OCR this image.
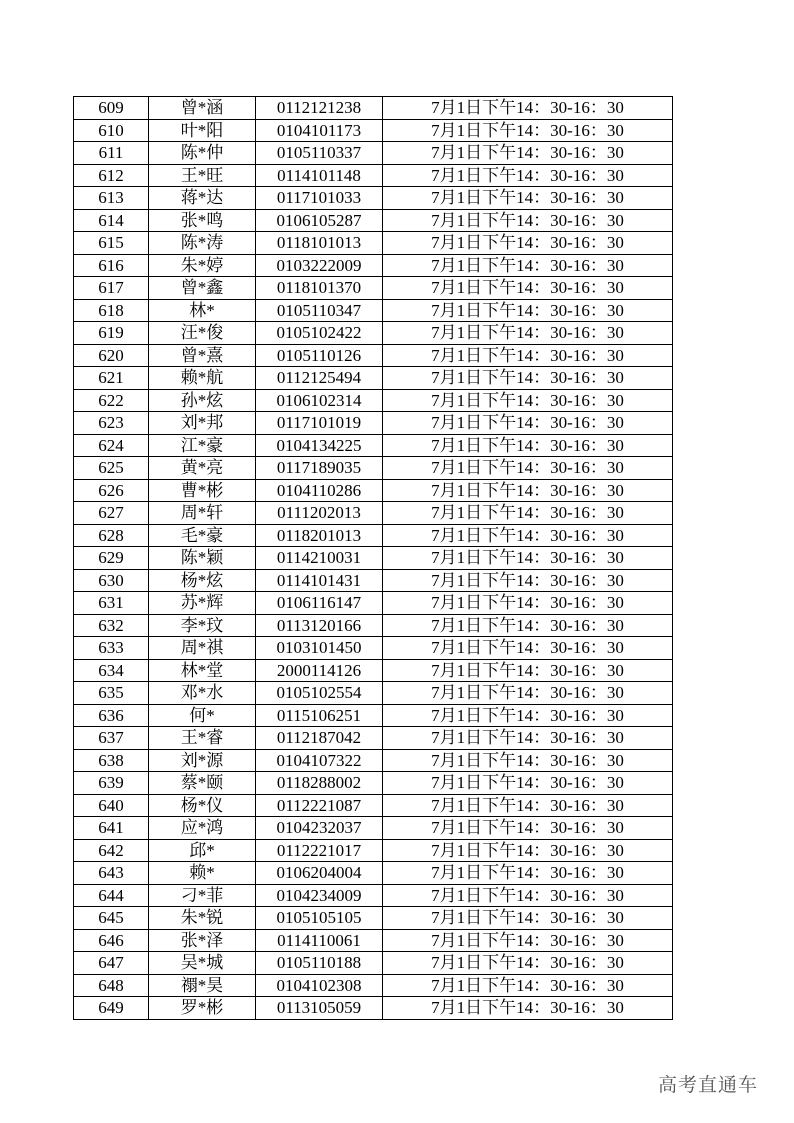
609	曾*涵	0112121238	7月1日下午14：30-16：30
610	叶*阳	0104101173	7月1日下午14：30-16：30
611	陈*仲	0105110337	7月1日下午14：30-16：30
612	王*旺	0114101148	7月1日下午14：30-16：30
613	蒋*达	0117101033	7月1日下午14：30-16：30
614	张*鸣	0106105287	7月1日下午14：30-16：30
615	陈*涛	0118101013	7月1日下午14：30-16：30
616	朱*婷	0103222009	7月1日下午14：30-16：30
617	曾*鑫	0118101370	7月1日下午14：30-16：30
618	林*	0105110347	7月1日下午14：30-16：30
619	汪*俊	0105102422	7月1日下午14：30-16：30
620	曾*熹	0105110126	7月1日下午14：30-16：30
621	赖*航	0112125494	7月1日下午14：30-16：30
622	孙*炫	0106102314	7月1日下午14：30-16：30
623	刘*邦	0117101019	7月1日下午14：30-16：30
624	江*豪	0104134225	7月1日下午14：30-16：30
625	黄*亮	0117189035	7月1日下午14：30-16：30
626	曹*彬	0104110286	7月1日下午14：30-16：30
627	周*轩	0111202013	7月1日下午14：30-16：30
628	毛*豪	0118201013	7月1日下午14：30-16：30
629	陈*颖	0114210031	7月1日下午14：30-16：30
630	杨*炫	0114101431	7月1日下午14：30-16：30
631	苏*辉	0106116147	7月1日下午14：30-16：30
632	李*玟	0113120166	7月1日下午14：30-16：30
633	周*祺	0103101450	7月1日下午14：30-16：30
634	林*堂	2000114126	7月1日下午14：30-16：30
635	邓*水	0105102554	7月1日下午14：30-16：30
636	何*	0115106251	7月1日下午14：30-16：30
637	王*睿	0112187042	7月1日下午14：30-16：30
638	刘*源	0104107322	7月1日下午14：30-16：30
639	蔡*颐	0118288002	7月1日下午14：30-16：30
640	杨*仪	0112221087	7月1日下午14：30-16：30
641	应*鸿	0104232037	7月1日下午14：30-16：30
642	邱*	0112221017	7月1日下午14：30-16：30
643	赖*	0106204004	7月1日下午14：30-16：30
644	刁*菲	0104234009	7月1日下午14：30-16：30
645	朱*锐	0105105105	7月1日下午14：30-16：30
646	张*泽	0114110061	7月1日下午14：30-16：30
647	吴*城	0105110188	7月1日下午14：30-16：30
648	禤*昊	0104102308	7月1日下午14：30-16：30
649	罗*彬	0113105059	7月1日下午14：30-16：30
高考直通车
